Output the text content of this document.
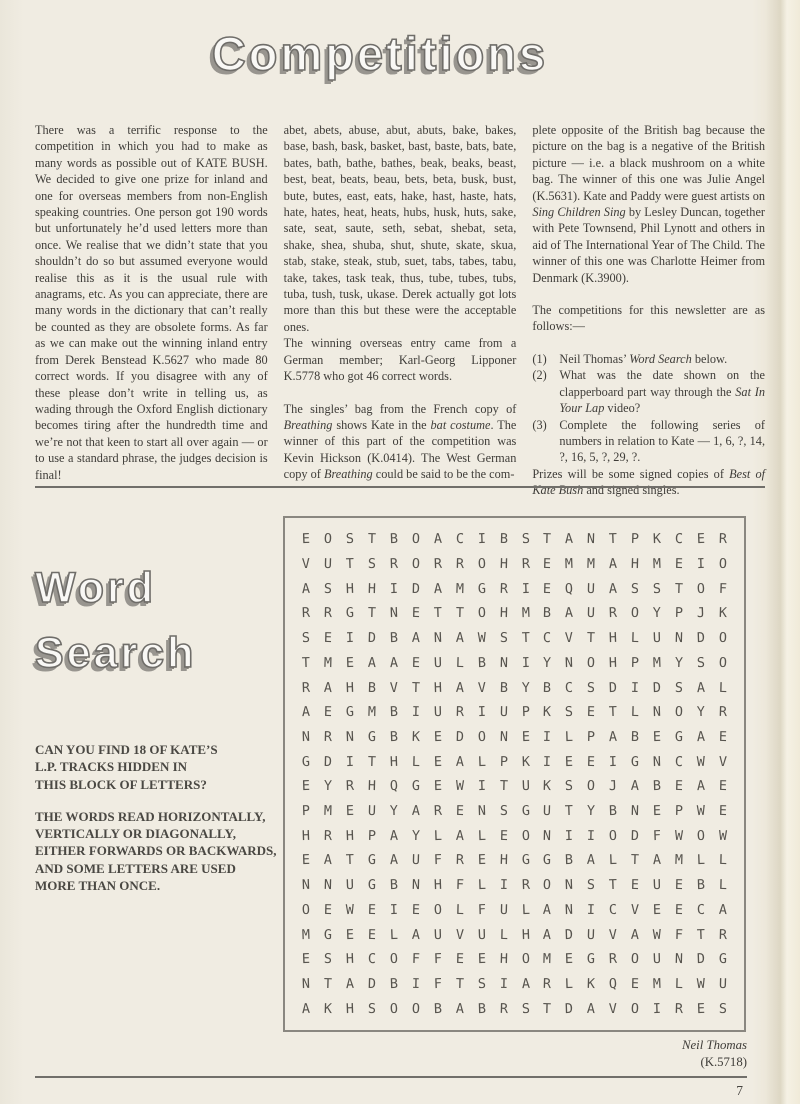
Competitions

There was a terrific response to the competition in which you had to make as many words as possible out of KATE BUSH. We decided to give one prize for inland and one for overseas members from non-English speaking countries. One person got 190 words but unfortunately he’d used letters more than once. We realise that we didn’t state that you shouldn’t do so but assumed everyone would realise this as it is the usual rule with anagrams, etc. As you can appreciate, there are many words in the dictionary that can’t really be counted as they are obsolete forms. As far as we can make out the winning inland entry from Derek Benstead K.5627 who made 80 correct words. If you disagree with any of these please don’t write in telling us, as wading through the Oxford English dictionary becomes tiring after the hundredth time and we’re not that keen to start all over again — or to use a standard phrase, the judges decision is final!

abet, abets, abuse, abut, abuts, bake, bakes, base, bash, bask, basket, bast, baste, bats, bate, bates, bath, bathe, bathes, beak, beaks, beast, best, beat, beats, beau, bets, beta, busk, bust, bute, butes, east, eats, hake, hast, haste, hats, hate, hates, heat, heats, hubs, husk, huts, sake, sate, seat, saute, seth, sebat, shebat, seta, shake, shea, shuba, shut, shute, skate, skua, stab, stake, steak, stub, suet, tabs, tabes, tabu, take, takes, task teak, thus, tube, tubes, tubs, tuba, tush, tusk, ukase. Derek actually got lots more than this but these were the acceptable ones.

The winning overseas entry came from a German member; Karl-Georg Lipponer K.5778 who got 46 correct words.

The singles’ bag from the French copy of Breathing shows Kate in the bat costume. The winner of this part of the competition was Kevin Hickson (K.0414). The West German copy of Breathing could be said to be the com-

plete opposite of the British bag because the picture on the bag is a negative of the British picture — i.e. a black mushroom on a white bag. The winner of this one was Julie Angel (K.5631). Kate and Paddy were guest artists on Sing Children Sing by Lesley Duncan, together with Pete Townsend, Phil Lynott and others in aid of The International Year of The Child. The winner of this one was Charlotte Heimer from Denmark (K.3900).

The competitions for this newsletter are as follows:—

(1)	Neil Thomas’ Word Search below.
(2)	What was the date shown on the clapperboard part way through the Sat In Your Lap video?
(3)	Complete the following series of numbers in relation to Kate — 1, 6, ?, 14, ?, 16, 5, ?, 29, ?.

Prizes will be some signed copies of Best of Kate Bush and signed singles.

Word
Search

CAN YOU FIND 18 OF KATE’S
L.P. TRACKS HIDDEN IN
THIS BLOCK OF LETTERS?

THE WORDS READ HORIZONTALLY,
VERTICALLY OR DIAGONALLY,
EITHER FORWARDS OR BACKWARDS,
AND SOME LETTERS ARE USED
MORE THAN ONCE.

E O S T B O A C I B S T A N T P K C E R
V U T S R O R R O H R E M M A H M E I O
A S H H I D A M G R I E Q U A S S T O F
R R G T N E T T O H M B A U R O Y P J K
S E I D B A N A W S T C V T H L U N D O
T M E A A E U L B N I Y N O H P M Y S O
R A H B V T H A V B Y B C S D I D S A L
A E G M B I U R I U P K S E T L N O Y R
N R N G B K E D O N E I L P A B E G A E
G D I T H L E A L P K I E E I G N C W V
E Y R H Q G E W I T U K S O J A B E A E
P M E U Y A R E N S G U T Y B N E P W E
H R H P A Y L A L E O N I I O D F W O W
E A T G A U F R E H G G B A L T A M L L
N N U G B N H F L I R O N S T E U E B L
O E W E I E O L F U L A N I C V E E C A
M G E E L A U V U L H A D U V A W F T R
E S H C O F F E E H O M E G R O U N D G
N T A D B I F T S I A R L K Q E M L W U
A K H S O O B A B R S T D A V O I R E S
Neil Thomas
(K.5718)
7
